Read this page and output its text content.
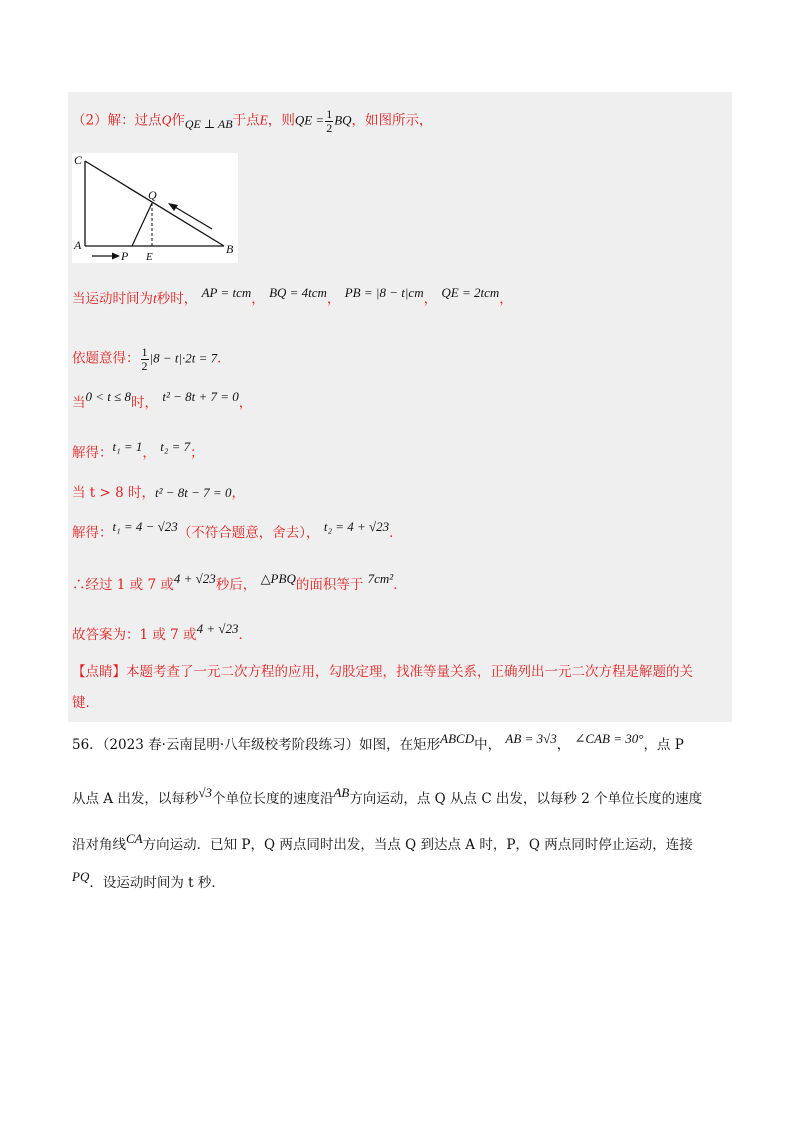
（2）解：过点Q作QE ⊥ AB于点E，则QE = $\frac{1}{2}$ BQ，如图所示，
C
Q
A
P E
B
当运动时间为t秒时， AP = tcm， BQ = 4tcm， PB = |8 − t|cm， QE = 2tcm，
依题意得： $\frac{1}{2} |8 - t|\cdot 2t = 7$．
当0 < t ≤ 8时， t² − 8t + 7 = 0，
解得：t₁ = 1， t₂ = 7；
当 t > 8 时，t² − 8t − 7 = 0，
解得：t₁ = 4 − √23（不符合题意，舍去）， t₂ = 4 + √23．
∴经过 1 或 7 或4 + √23秒后， △PBQ的面积等于 7cm²．
故答案为：1 或 7 或4 + √23．
【点睛】本题考查了一元二次方程的应用，勾股定理，找准等量关系，正确列出一元二次方程是解题的关
键．
56．（2023 春·云南昆明·八年级校考阶段练习）如图，在矩形ABCD中， AB = 3√3， ∠CAB = 30°，点 P
从点 A 出发，以每秒√3个单位长度的速度沿AB方向运动，点 Q 从点 C 出发，以每秒 2 个单位长度的速度
沿对角线CA方向运动．已知 P，Q 两点同时出发，当点 Q 到达点 A 时，P，Q 两点同时停止运动，连接
PQ．设运动时间为 t 秒．
